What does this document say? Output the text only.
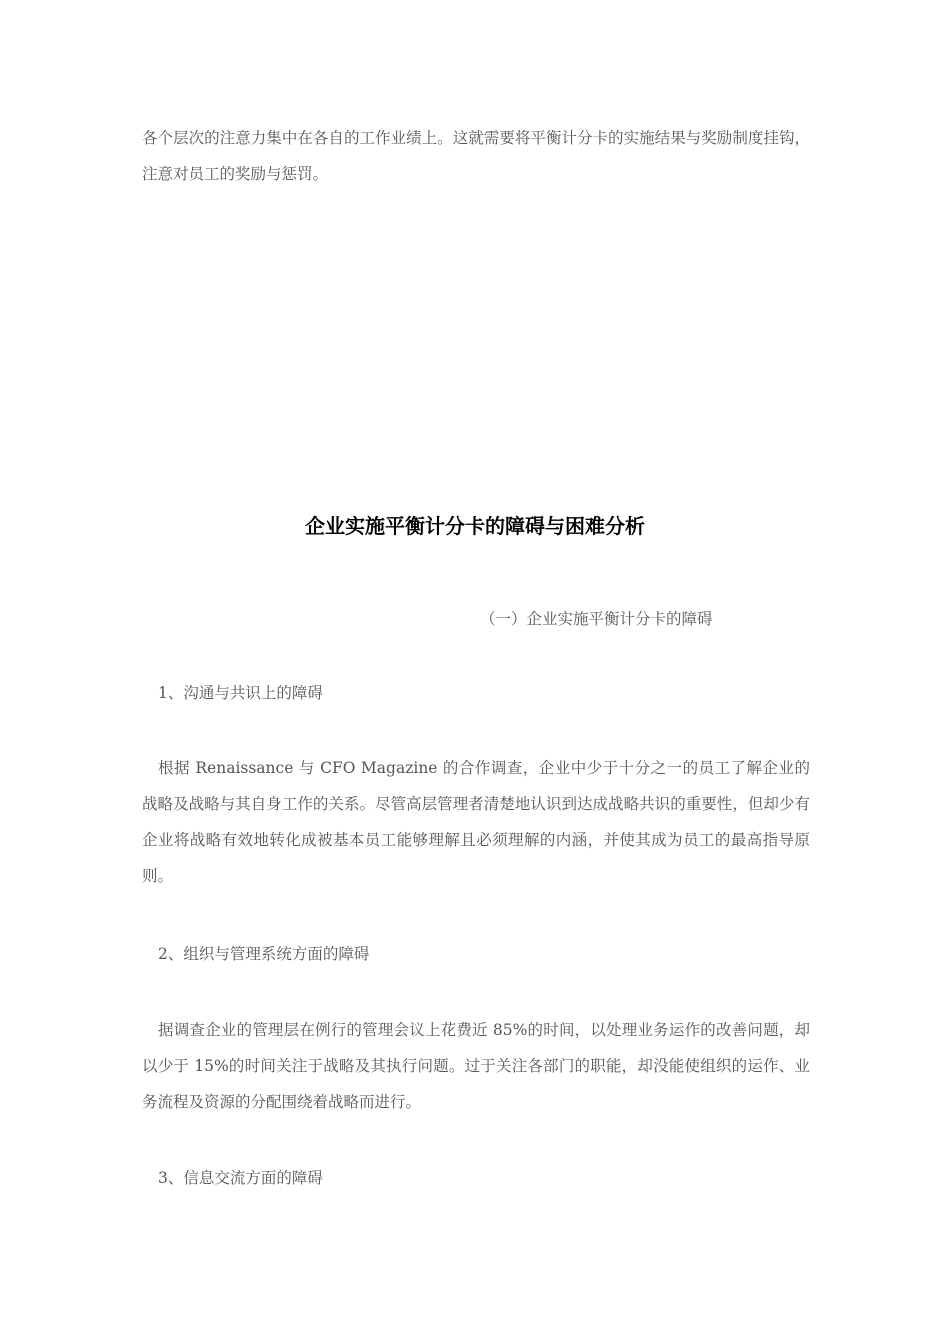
各个层次的注意力集中在各自的工作业绩上。这就需要将平衡计分卡的实施结果与奖励制度挂钩，注意对员工的奖励与惩罚。

企业实施平衡计分卡的障碍与困难分析

（一）企业实施平衡计分卡的障碍

1、沟通与共识上的障碍

根据 Renaissance 与 CFO Magazine 的合作调查，企业中少于十分之一的员工了解企业的战略及战略与其自身工作的关系。尽管高层管理者清楚地认识到达成战略共识的重要性，但却少有企业将战略有效地转化成被基本员工能够理解且必须理解的内涵，并使其成为员工的最高指导原则。

2、组织与管理系统方面的障碍

据调查企业的管理层在例行的管理会议上花费近 85%的时间，以处理业务运作的改善问题，却以少于 15%的时间关注于战略及其执行问题。过于关注各部门的职能，却没能使组织的运作、业务流程及资源的分配围绕着战略而进行。

3、信息交流方面的障碍
